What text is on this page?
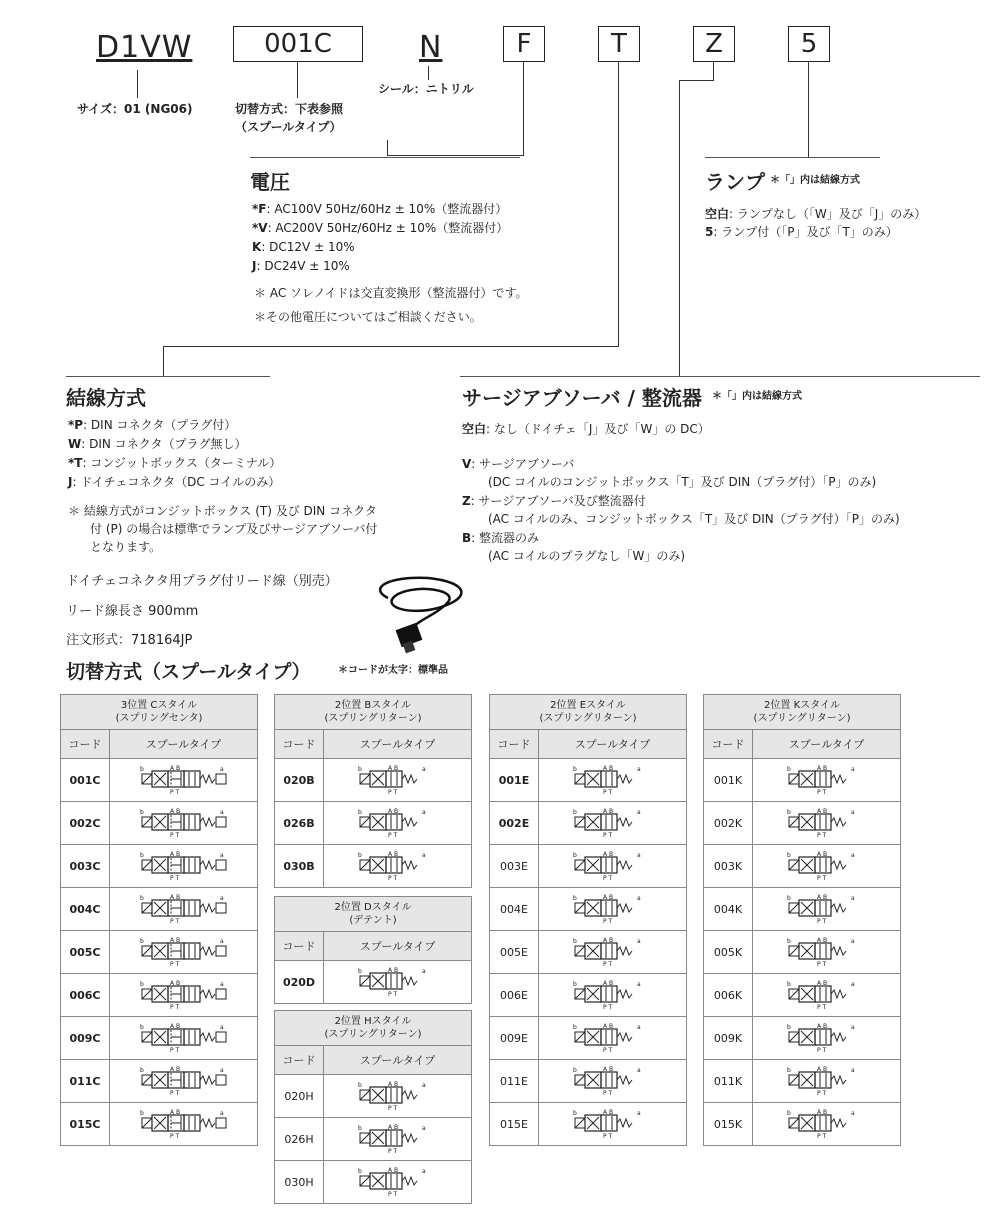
D1VW	001C	N	F	T	Z	5
サイズ：01 (NG06)	切替方式：下表参照
（スプールタイプ）
シール：ニトリル
電圧	ランプ ＊「」内は結線方式
結線方式
＊ 結線方式がコンジットボックス (T) 及び DIN コネクタ
付 (P) の場合は標準でランプ及びサージアブソーバ付
となります。
ドイチェコネクタ用プラグ付リード線（別売）
リード線長さ 900mm
注文形式：718164JP
サージアブソーバ / 整流器 ＊「」内は結線方式
空白: なし（ドイチェ「J」及び「W」の DC）
切替方式（スプールタイプ）	＊コードが太字：標準品
*F: AC100V 50Hz/60Hz ± 10%（整流器付）
*V: AC200V 50Hz/60Hz ± 10%（整流器付）
K: DC12V ± 10%
J: DC24V ± 10%
＊ AC ソレノイドは交直変換形（整流器付）です。
＊その他電圧についてはご相談ください。
空白: ランプなし（「W」及び「J」のみ）
5: ランプ付（「P」及び「T」のみ）
*P: DIN コネクタ（プラグ付）
W: DIN コネクタ（プラグ無し）
*T: コンジットボックス（ターミナル）
J: ドイチェコネクタ（DC コイルのみ）
V: サージアブソーバ
(DC コイルのコンジットボックス「T」及び DIN（プラグ付）「P」のみ)
Z: サージアブソーバ及び整流器付
(AC コイルのみ、コンジットボックス「T」及び DIN（プラグ付）「P」のみ)
B: 整流器のみ
(AC コイルのプラグなし「W」のみ)
3位置 Cスタイル
(スプリングセンタ)	

コード	スプールタイプ
001C	A B
P T
b a

002C	A B
P T
b a

003C	A B
P T
b a

004C	A B
P T
b a

005C	A B
P T
b a

006C	A B
P T
b a

009C	A B
P T
b a

011C	A B
P T
b a

015C	A B
P T
b a
2位置 Bスタイル
(スプリングリターン)	

コード	スプールタイプ
020B	A B
P T
b a

026B	A B
P T
b a

030B	A B
P T
b a
2位置 Dスタイル
(デテント)	

コード	スプールタイプ
020D	A B
P T
b a
2位置 Hスタイル
(スプリングリターン)	

コード	スプールタイプ
020H	A B
P T
b a

026H	A B
P T
b a

030H	A B
P T
b a
2位置 Eスタイル
(スプリングリターン)	

コード	スプールタイプ
001E	A B
P T
b a

002E	A B
P T
b a

003E	A B
P T
b a

004E	A B
P T
b a

005E	A B
P T
b a

006E	A B
P T
b a

009E	A B
P T
b a

011E	A B
P T
b a

015E	A B
P T
b a
2位置 Kスタイル
(スプリングリターン)	

コード	スプールタイプ
001K	A B
P T
b a

002K	A B
P T
b a

003K	A B
P T
b a

004K	A B
P T
b a

005K	A B
P T
b a

006K	A B
P T
b a

009K	A B
P T
b a

011K	A B
P T
b a

015K	A B
P T
b a
